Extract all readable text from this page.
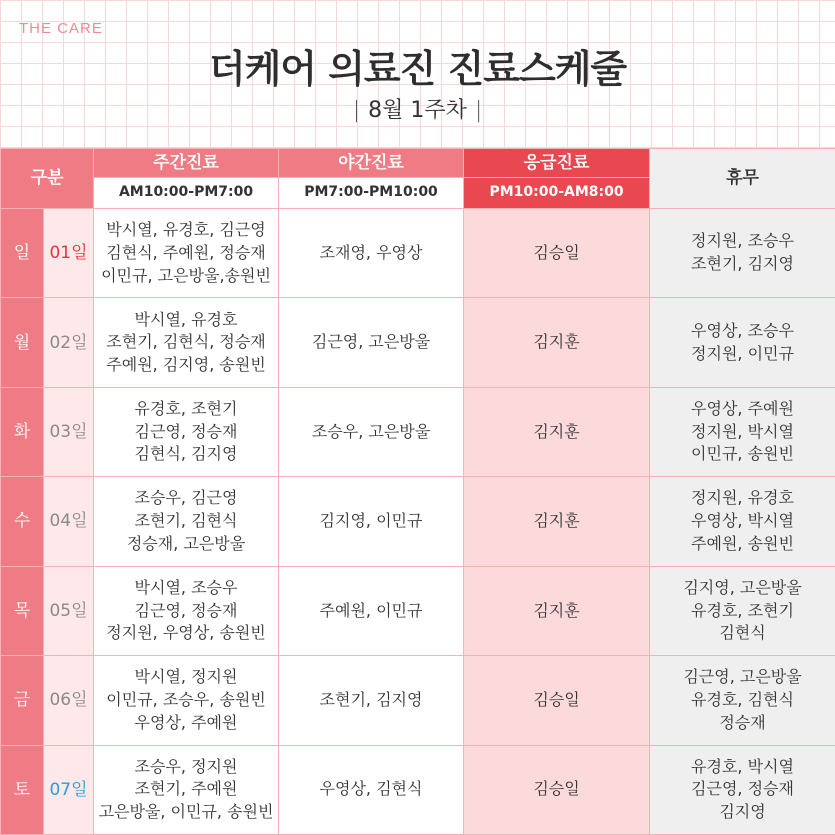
THE CARE
더케어 의료진 진료스케줄
| 8월 1주차 |
구분		주간진료	야간진료	응급진료	휴무
		AM10:00-PM7:00	PM7:00-PM10:00	PM10:00-AM8:00	
일	01일	박시열, 유경호, 김근영
김현식, 주예원, 정승재
이민규, 고은방울,송원빈	조재영, 우영상	김승일	정지원, 조승우
조현기, 김지영

월	02일	박시열, 유경호
조현기, 김현식, 정승재
주예원, 김지영, 송원빈	김근영, 고은방울	김지훈	우영상, 조승우
정지원, 이민규

화	03일	유경호, 조현기
김근영, 정승재
김현식, 김지영	조승우, 고은방울	김지훈	우영상, 주예원
정지원, 박시열
이민규, 송원빈

수	04일	조승우, 김근영
조현기, 김현식
정승재, 고은방울	김지영, 이민규	김지훈	정지원, 유경호
우영상, 박시열
주예원, 송원빈

목	05일	박시열, 조승우
김근영, 정승재
정지원, 우영상, 송원빈	주예원, 이민규	김지훈	김지영, 고은방울
유경호, 조현기
김현식

금	06일	박시열, 정지원
이민규, 조승우, 송원빈
우영상, 주예원	조현기, 김지영	김승일	김근영, 고은방울
유경호, 김현식
정승재

토	07일	조승우, 정지원
조현기, 주예원
고은방울, 이민규, 송원빈	우영상, 김현식	김승일	유경호, 박시열
김근영, 정승재
김지영
